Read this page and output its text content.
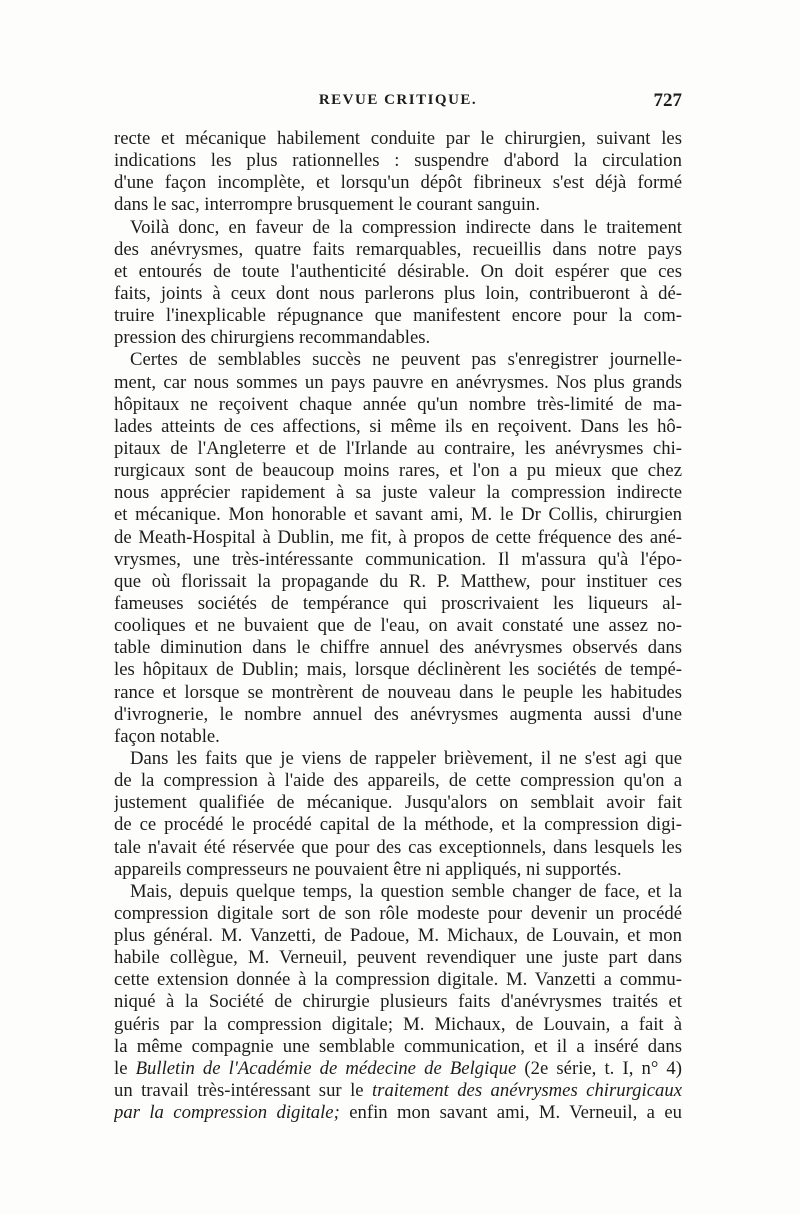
REVUE CRITIQUE.	727
recte et mécanique habilement conduite par le chirurgien, suivant les
indications les plus rationnelles : suspendre d'abord la circulation
d'une façon incomplète, et lorsqu'un dépôt fibrineux s'est déjà formé
dans le sac, interrompre brusquement le courant sanguin.
Voilà donc, en faveur de la compression indirecte dans le traitement
des anévrysmes, quatre faits remarquables, recueillis dans notre pays
et entourés de toute l'authenticité désirable. On doit espérer que ces
faits, joints à ceux dont nous parlerons plus loin, contribueront à dé-
truire l'inexplicable répugnance que manifestent encore pour la com-
pression des chirurgiens recommandables.
Certes de semblables succès ne peuvent pas s'enregistrer journelle-
ment, car nous sommes un pays pauvre en anévrysmes. Nos plus grands
hôpitaux ne reçoivent chaque année qu'un nombre très-limité de ma-
lades atteints de ces affections, si même ils en reçoivent. Dans les hô-
pitaux de l'Angleterre et de l'Irlande au contraire, les anévrysmes chi-
rurgicaux sont de beaucoup moins rares, et l'on a pu mieux que chez
nous apprécier rapidement à sa juste valeur la compression indirecte
et mécanique. Mon honorable et savant ami, M. le Dr Collis, chirurgien
de Meath-Hospital à Dublin, me fit, à propos de cette fréquence des ané-
vrysmes, une très-intéressante communication. Il m'assura qu'à l'épo-
que où florissait la propagande du R. P. Matthew, pour instituer ces
fameuses sociétés de tempérance qui proscrivaient les liqueurs al-
cooliques et ne buvaient que de l'eau, on avait constaté une assez no-
table diminution dans le chiffre annuel des anévrysmes observés dans
les hôpitaux de Dublin; mais, lorsque déclinèrent les sociétés de tempé-
rance et lorsque se montrèrent de nouveau dans le peuple les habitudes
d'ivrognerie, le nombre annuel des anévrysmes augmenta aussi d'une
façon notable.
Dans les faits que je viens de rappeler brièvement, il ne s'est agi que
de la compression à l'aide des appareils, de cette compression qu'on a
justement qualifiée de mécanique. Jusqu'alors on semblait avoir fait
de ce procédé le procédé capital de la méthode, et la compression digi-
tale n'avait été réservée que pour des cas exceptionnels, dans lesquels les
appareils compresseurs ne pouvaient être ni appliqués, ni supportés.
Mais, depuis quelque temps, la question semble changer de face, et la
compression digitale sort de son rôle modeste pour devenir un procédé
plus général. M. Vanzetti, de Padoue, M. Michaux, de Louvain, et mon
habile collègue, M. Verneuil, peuvent revendiquer une juste part dans
cette extension donnée à la compression digitale. M. Vanzetti a commu-
niqué à la Société de chirurgie plusieurs faits d'anévrysmes traités et
guéris par la compression digitale; M. Michaux, de Louvain, a fait à
la même compagnie une semblable communication, et il a inséré dans
le Bulletin de l'Académie de médecine de Belgique (2e série, t. I, n° 4)
un travail très-intéressant sur le traitement des anévrysmes chirurgicaux
par la compression digitale; enfin mon savant ami, M. Verneuil, a eu
